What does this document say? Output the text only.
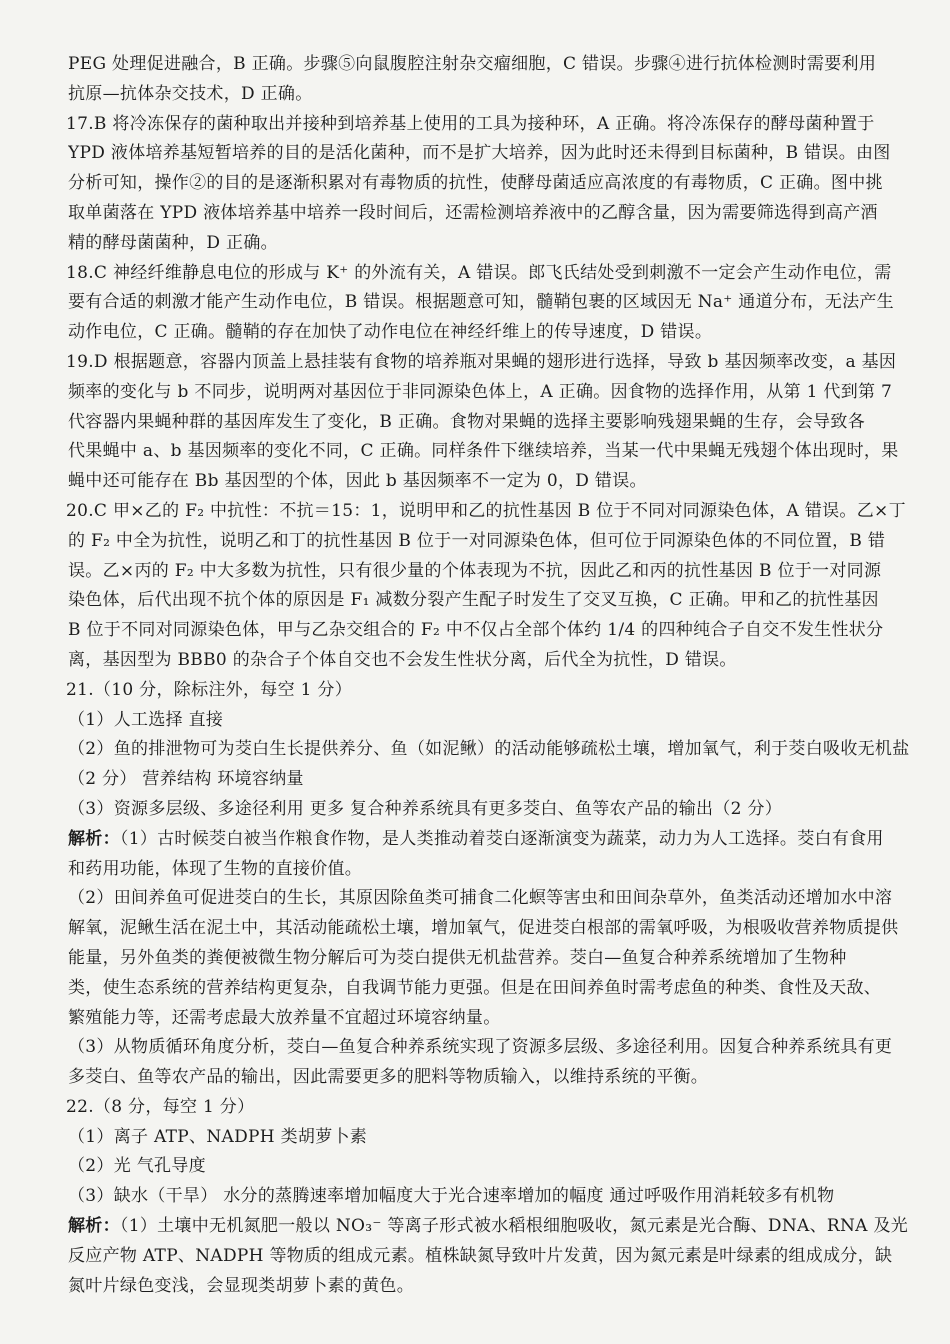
PEG 处理促进融合，B 正确。步骤⑤向鼠腹腔注射杂交瘤细胞，C 错误。步骤④进行抗体检测时需要利用
抗原—抗体杂交技术，D 正确。
17.B 将冷冻保存的菌种取出并接种到培养基上使用的工具为接种环，A 正确。将冷冻保存的酵母菌种置于
YPD 液体培养基短暂培养的目的是活化菌种，而不是扩大培养，因为此时还未得到目标菌种，B 错误。由图
分析可知，操作②的目的是逐渐积累对有毒物质的抗性，使酵母菌适应高浓度的有毒物质，C 正确。图中挑
取单菌落在 YPD 液体培养基中培养一段时间后，还需检测培养液中的乙醇含量，因为需要筛选得到高产酒
精的酵母菌菌种，D 正确。
18.C 神经纤维静息电位的形成与 K⁺ 的外流有关，A 错误。郎飞氏结处受到刺激不一定会产生动作电位，需
要有合适的刺激才能产生动作电位，B 错误。根据题意可知，髓鞘包裹的区域因无 Na⁺ 通道分布，无法产生
动作电位，C 正确。髓鞘的存在加快了动作电位在神经纤维上的传导速度，D 错误。
19.D 根据题意，容器内顶盖上悬挂装有食物的培养瓶对果蝇的翅形进行选择，导致 b 基因频率改变，a 基因
频率的变化与 b 不同步，说明两对基因位于非同源染色体上，A 正确。因食物的选择作用，从第 1 代到第 7
代容器内果蝇种群的基因库发生了变化，B 正确。食物对果蝇的选择主要影响残翅果蝇的生存，会导致各
代果蝇中 a、b 基因频率的变化不同，C 正确。同样条件下继续培养，当某一代中果蝇无残翅个体出现时，果
蝇中还可能存在 Bb 基因型的个体，因此 b 基因频率不一定为 0，D 错误。
20.C 甲×乙的 F₂ 中抗性：不抗＝15：1，说明甲和乙的抗性基因 B 位于不同对同源染色体，A 错误。乙×丁
的 F₂ 中全为抗性，说明乙和丁的抗性基因 B 位于一对同源染色体，但可位于同源染色体的不同位置，B 错
误。乙×丙的 F₂ 中大多数为抗性，只有很少量的个体表现为不抗，因此乙和丙的抗性基因 B 位于一对同源
染色体，后代出现不抗个体的原因是 F₁ 减数分裂产生配子时发生了交叉互换，C 正确。甲和乙的抗性基因
B 位于不同对同源染色体，甲与乙杂交组合的 F₂ 中不仅占全部个体约 1/4 的四种纯合子自交不发生性状分
离，基因型为 BBB0 的杂合子个体自交也不会发生性状分离，后代全为抗性，D 错误。
21.（10 分，除标注外，每空 1 分）
（1）人工选择 直接
（2）鱼的排泄物可为茭白生长提供养分、鱼（如泥鳅）的活动能够疏松土壤，增加氧气，利于茭白吸收无机盐
（2 分） 营养结构 环境容纳量
（3）资源多层级、多途径利用 更多 复合种养系统具有更多茭白、鱼等农产品的输出（2 分）
解析：（1）古时候茭白被当作粮食作物，是人类推动着茭白逐渐演变为蔬菜，动力为人工选择。茭白有食用
和药用功能，体现了生物的直接价值。
（2）田间养鱼可促进茭白的生长，其原因除鱼类可捕食二化螟等害虫和田间杂草外，鱼类活动还增加水中溶
解氧，泥鳅生活在泥土中，其活动能疏松土壤，增加氧气，促进茭白根部的需氧呼吸，为根吸收营养物质提供
能量，另外鱼类的粪便被微生物分解后可为茭白提供无机盐营养。茭白—鱼复合种养系统增加了生物种
类，使生态系统的营养结构更复杂，自我调节能力更强。但是在田间养鱼时需考虑鱼的种类、食性及天敌、
繁殖能力等，还需考虑最大放养量不宜超过环境容纳量。
（3）从物质循环角度分析，茭白—鱼复合种养系统实现了资源多层级、多途径利用。因复合种养系统具有更
多茭白、鱼等农产品的输出，因此需要更多的肥料等物质输入，以维持系统的平衡。
22.（8 分，每空 1 分）
（1）离子 ATP、NADPH 类胡萝卜素
（2）光 气孔导度
（3）缺水（干旱） 水分的蒸腾速率增加幅度大于光合速率增加的幅度 通过呼吸作用消耗较多有机物
解析：（1）土壤中无机氮肥一般以 NO₃⁻ 等离子形式被水稻根细胞吸收，氮元素是光合酶、DNA、RNA 及光
反应产物 ATP、NADPH 等物质的组成元素。植株缺氮导致叶片发黄，因为氮元素是叶绿素的组成成分，缺
氮叶片绿色变浅，会显现类胡萝卜素的黄色。
